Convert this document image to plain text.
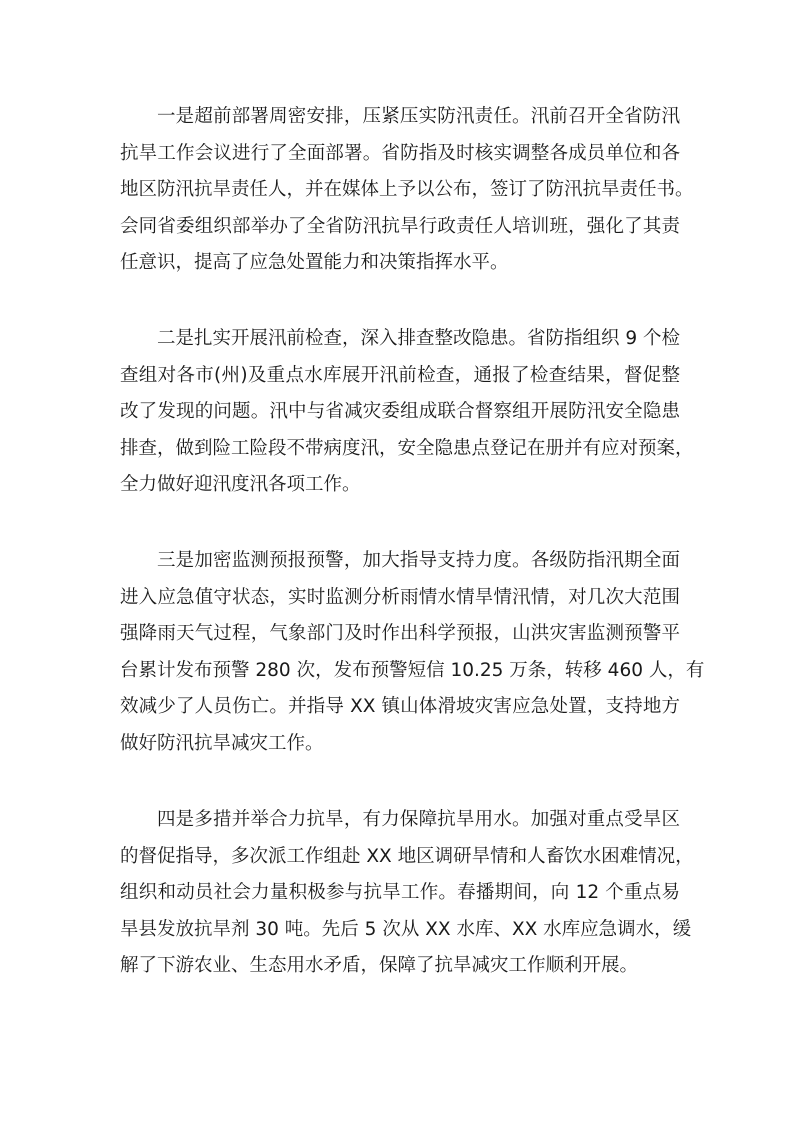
一是超前部署周密安排，压紧压实防汛责任。汛前召开全省防汛
抗旱工作会议进行了全面部署。省防指及时核实调整各成员单位和各
地区防汛抗旱责任人，并在媒体上予以公布，签订了防汛抗旱责任书。
会同省委组织部举办了全省防汛抗旱行政责任人培训班，强化了其责
任意识，提高了应急处置能力和决策指挥水平。
二是扎实开展汛前检查，深入排查整改隐患。省防指组织 9 个检
查组对各市(州)及重点水库展开汛前检查，通报了检查结果，督促整
改了发现的问题。汛中与省减灾委组成联合督察组开展防汛安全隐患
排查，做到险工险段不带病度汛，安全隐患点登记在册并有应对预案，
全力做好迎汛度汛各项工作。
三是加密监测预报预警，加大指导支持力度。各级防指汛期全面
进入应急值守状态，实时监测分析雨情水情旱情汛情，对几次大范围
强降雨天气过程，气象部门及时作出科学预报，山洪灾害监测预警平
台累计发布预警 280 次，发布预警短信 10.25 万条，转移 460 人，有
效减少了人员伤亡。并指导 XX 镇山体滑坡灾害应急处置，支持地方
做好防汛抗旱减灾工作。
四是多措并举合力抗旱，有力保障抗旱用水。加强对重点受旱区
的督促指导，多次派工作组赴 XX 地区调研旱情和人畜饮水困难情况，
组织和动员社会力量积极参与抗旱工作。春播期间，向 12 个重点易
旱县发放抗旱剂 30 吨。先后 5 次从 XX 水库、XX 水库应急调水，缓
解了下游农业、生态用水矛盾，保障了抗旱减灾工作顺利开展。
